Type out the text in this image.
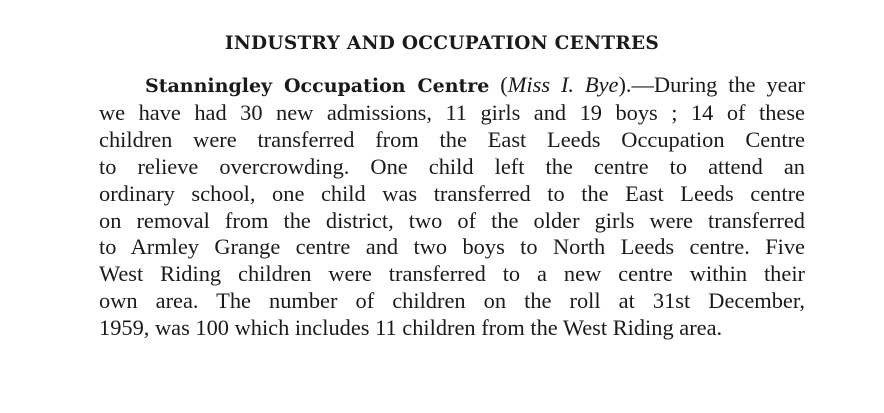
INDUSTRY AND OCCUPATION CENTRES
Stanningley Occupation Centre (Miss I. Bye).—During the year
we have had 30 new admissions, 11 girls and 19 boys ; 14 of these
children were transferred from the East Leeds Occupation Centre
to relieve overcrowding. One child left the centre to attend an
ordinary school, one child was transferred to the East Leeds centre
on removal from the district, two of the older girls were transferred
to Armley Grange centre and two boys to North Leeds centre. Five
West Riding children were transferred to a new centre within their
own area. The number of children on the roll at 31st December,
1959, was 100 which includes 11 children from the West Riding area.
